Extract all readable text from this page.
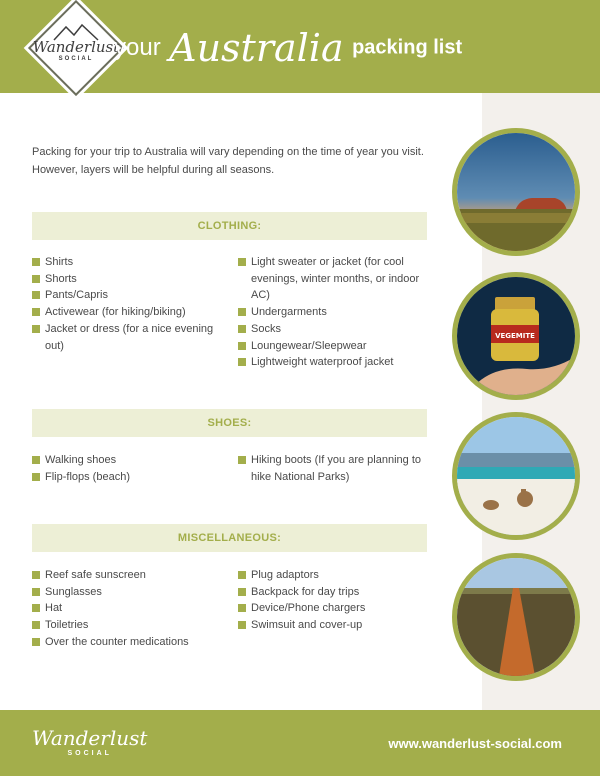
Wanderlust
SOCIAL your Australia packing list
VEGEMITE

Packing for your trip to Australia will vary depending on the time of year you visit. However, layers will be helpful during all seasons.

CLOTHING:
Shirts
Shorts
Pants/Capris
Activewear (for hiking/biking)
Jacket or dress (for a nice evening out)
Light sweater or jacket (for cool evenings, winter months, or indoor AC)
Undergarments
Socks
Loungewear/Sleepwear
Lightweight waterproof jacket
SHOES:
Walking shoes
Flip-flops (beach)
Hiking boots (If you are planning to hike National Parks)
MISCELLANEOUS:
Reef safe sunscreen
Sunglasses
Hat
Toiletries
Over the counter medications
Plug adaptors
Backpack for day trips
Device/Phone chargers
Swimsuit and cover-up
Wanderlust
SOCIAL
www.wanderlust-social.com
